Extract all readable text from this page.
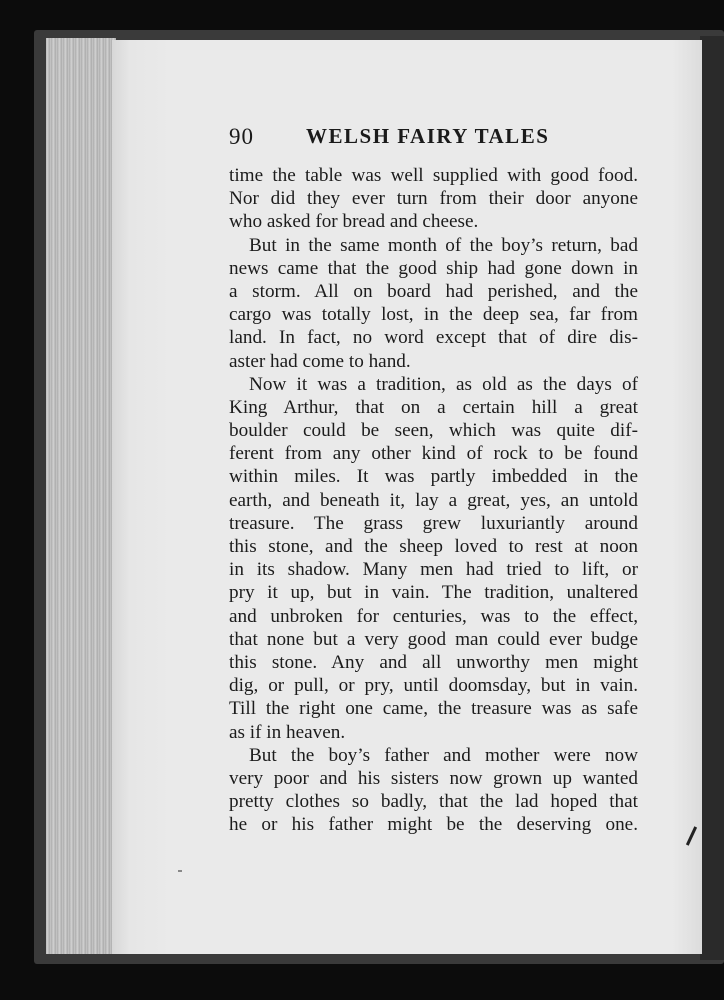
90 WELSH FAIRY TALES
time the table was well supplied with good food.
Nor did they ever turn from their door anyone
who asked for bread and cheese.
But in the same month of the boy’s return, bad
news came that the good ship had gone down in
a storm. All on board had perished, and the
cargo was totally lost, in the deep sea, far from
land. In fact, no word except that of dire dis-
aster had come to hand.
Now it was a tradition, as old as the days of
King Arthur, that on a certain hill a great
boulder could be seen, which was quite dif-
ferent from any other kind of rock to be found
within miles. It was partly imbedded in the
earth, and beneath it, lay a great, yes, an untold
treasure. The grass grew luxuriantly around
this stone, and the sheep loved to rest at noon
in its shadow. Many men had tried to lift, or
pry it up, but in vain. The tradition, unaltered
and unbroken for centuries, was to the effect,
that none but a very good man could ever budge
this stone. Any and all unworthy men might
dig, or pull, or pry, until doomsday, but in vain.
Till the right one came, the treasure was as safe
as if in heaven.
But the boy’s father and mother were now
very poor and his sisters now grown up wanted
pretty clothes so badly, that the lad hoped that
he or his father might be the deserving one.
